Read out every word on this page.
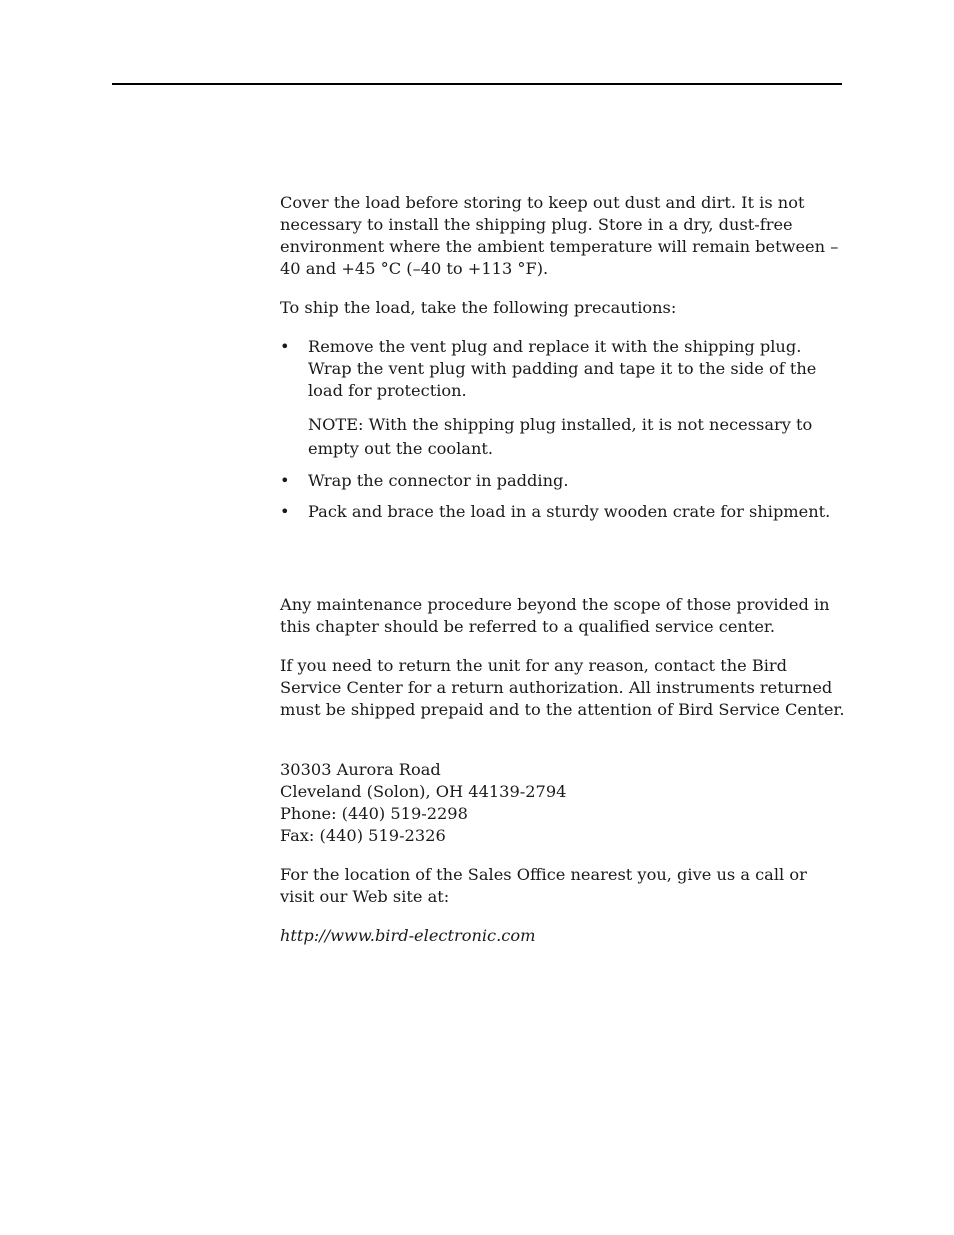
Cover the load before storing to keep out dust and dirt. It is not necessary to install the shipping plug. Store in a dry, dust-free environment where the ambient temperature will remain between –40 and +45 °C (–40 to +113 °F).

To ship the load, take the following precautions:

• Remove the vent plug and replace it with the shipping plug. Wrap the vent plug with padding and tape it to the side of the load for protection.

NOTE: With the shipping plug installed, it is not necessary to empty out the coolant.

• Wrap the connector in padding.
• Pack and brace the load in a sturdy wooden crate for shipment.

Any maintenance procedure beyond the scope of those provided in this chapter should be referred to a qualified service center.

If you need to return the unit for any reason, contact the Bird Service Center for a return authorization. All instruments returned must be shipped prepaid and to the attention of Bird Service Center.

30303 Aurora Road
Cleveland (Solon), OH 44139-2794
Phone: (440) 519-2298
Fax: (440) 519-2326

For the location of the Sales Office nearest you, give us a call or visit our Web site at:

http://www.bird-electronic.com
